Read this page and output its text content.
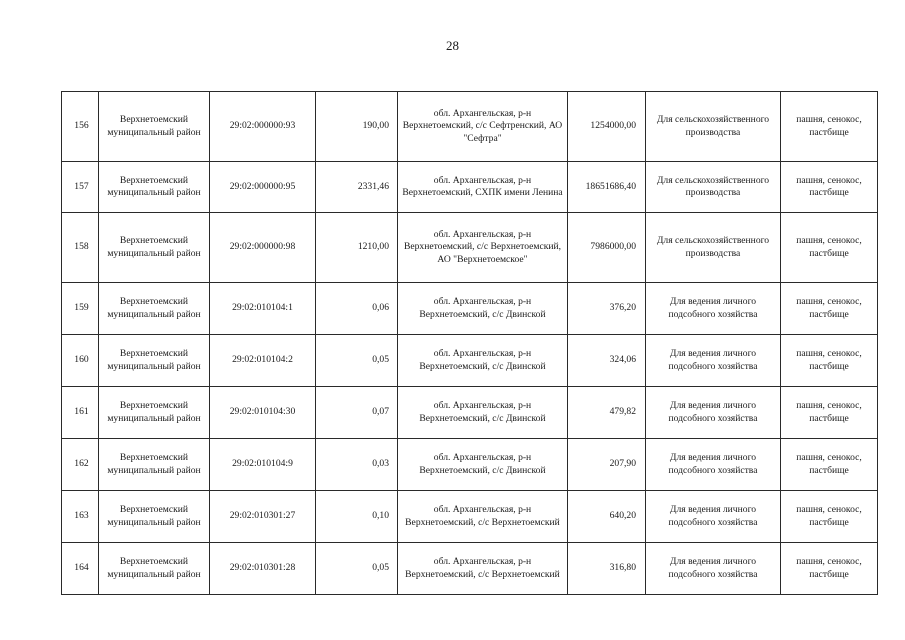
28
156	Верхнетоемский муниципальный район	29:02:000000:93	190,00	обл. Архангельская, р-н Верхнетоемский, с/с Сефтренский, АО "Сефтра"	1254000,00	Для сельскохозяйственного производства	пашня, сенокос, пастбище
157	Верхнетоемский муниципальный район	29:02:000000:95	2331,46	обл. Архангельская, р-н Верхнетоемский, СХПК имени Ленина	18651686,40	Для сельскохозяйственного производства	пашня, сенокос, пастбище
158	Верхнетоемский муниципальный район	29:02:000000:98	1210,00	обл. Архангельская, р-н Верхнетоемский, с/с Верхнетоемский, АО "Верхнетоемское"	7986000,00	Для сельскохозяйственного производства	пашня, сенокос, пастбище
159	Верхнетоемский муниципальный район	29:02:010104:1	0,06	обл. Архангельская, р-н Верхнетоемский, с/с Двинской	376,20	Для ведения личного подсобного хозяйства	пашня, сенокос, пастбище
160	Верхнетоемский муниципальный район	29:02:010104:2	0,05	обл. Архангельская, р-н Верхнетоемский, с/с Двинской	324,06	Для ведения личного подсобного хозяйства	пашня, сенокос, пастбище
161	Верхнетоемский муниципальный район	29:02:010104:30	0,07	обл. Архангельская, р-н Верхнетоемский, с/с Двинской	479,82	Для ведения личного подсобного хозяйства	пашня, сенокос, пастбище
162	Верхнетоемский муниципальный район	29:02:010104:9	0,03	обл. Архангельская, р-н Верхнетоемский, с/с Двинской	207,90	Для ведения личного подсобного хозяйства	пашня, сенокос, пастбище
163	Верхнетоемский муниципальный район	29:02:010301:27	0,10	обл. Архангельская, р-н Верхнетоемский, с/с Верхнетоемский	640,20	Для ведения личного подсобного хозяйства	пашня, сенокос, пастбище
164	Верхнетоемский муниципальный район	29:02:010301:28	0,05	обл. Архангельская, р-н Верхнетоемский, с/с Верхнетоемский	316,80	Для ведения личного подсобного хозяйства	пашня, сенокос, пастбище
